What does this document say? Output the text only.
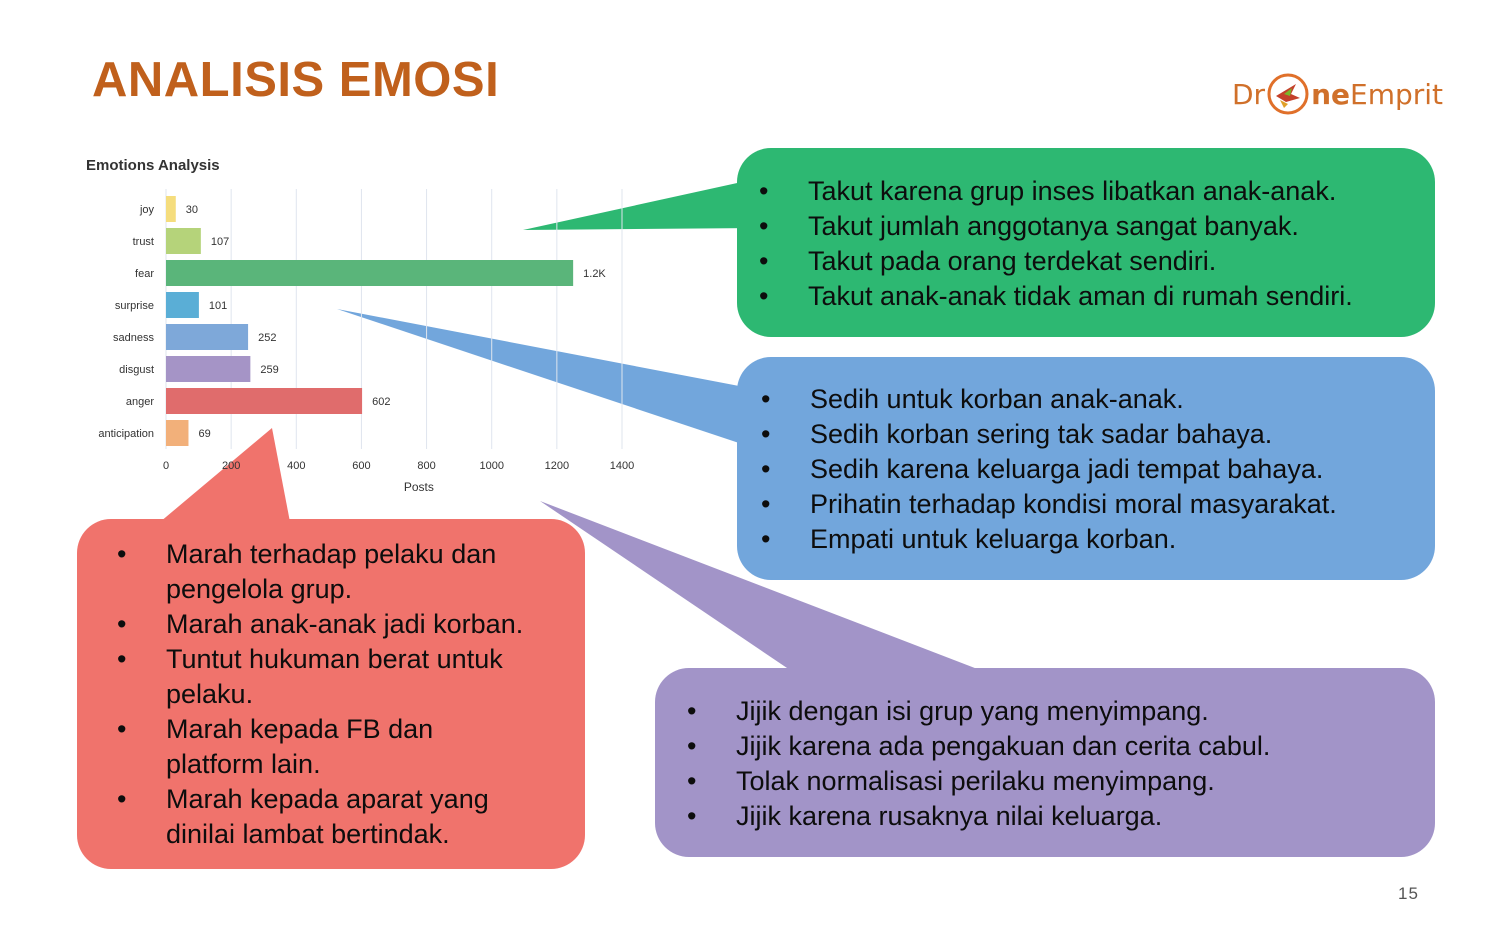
ANALISIS EMOSI	Dr neEmprit
Emotions Analysis
0	200	400	600	800	1000	1200	1400
Posts
joy	30
trust	107
fear	1.2K
surprise	101
sadness	252
disgust	259
anger	602
anticipation	69
• Takut karena grup inses libatkan anak-anak.
• Takut jumlah anggotanya sangat banyak.
• Takut pada orang terdekat sendiri.
• Takut anak-anak tidak aman di rumah sendiri.
• Sedih untuk korban anak-anak.
• Sedih korban sering tak sadar bahaya.
• Sedih karena keluarga jadi tempat bahaya.
• Prihatin terhadap kondisi moral masyarakat.
• Empati untuk keluarga korban.
• Jijik dengan isi grup yang menyimpang.
• Jijik karena ada pengakuan dan cerita cabul.
• Tolak normalisasi perilaku menyimpang.
• Jijik karena rusaknya nilai keluarga.
• Marah terhadap pelaku dan pengelola grup.
• Marah anak-anak jadi korban.
• Tuntut hukuman berat untuk pelaku.
• Marah kepada FB dan platform lain.
• Marah kepada aparat yang dinilai lambat bertindak.
15
